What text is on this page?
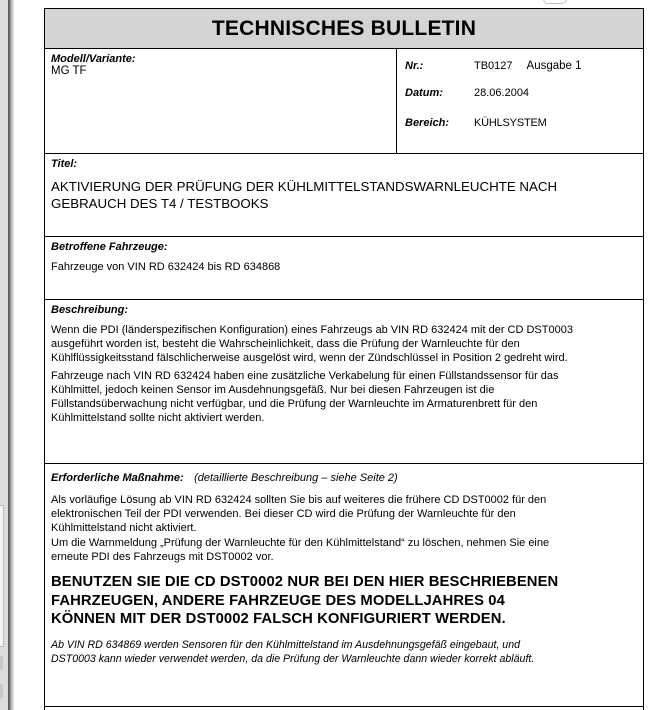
TECHNISCHES BULLETIN
Modell/Variante:
MG TF	Nr.:	TB0127 Ausgabe 1
Datum:	28.06.2004
Bereich:	KÜHLSYSTEM
Titel:
AKTIVIERUNG DER PRÜFUNG DER KÜHLMITTELSTANDSWARNLEUCHTE NACH
GEBRAUCH DES T4 / TESTBOOKS
Betroffene Fahrzeuge:
Fahrzeuge von VIN RD 632424 bis RD 634868
Beschreibung:
Wenn die PDI (länderspezifischen Konfiguration) eines Fahrzeugs ab VIN RD 632424 mit der CD DST0003
ausgeführt worden ist, besteht die Wahrscheinlichkeit, dass die Prüfung der Warnleuchte für den
Kühlflüssigkeitsstand fälschlicherweise ausgelöst wird, wenn der Zündschlüssel in Position 2 gedreht wird.
Fahrzeuge nach VIN RD 632424 haben eine zusätzliche Verkabelung für einen Füllstandssensor für das
Kühlmittel, jedoch keinen Sensor im Ausdehnungsgefäß. Nur bei diesen Fahrzeugen ist die
Füllstandsüberwachung nicht verfügbar, und die Prüfung der Warnleuchte im Armaturenbrett für den
Kühlmittelstand sollte nicht aktiviert werden.
Erforderliche Maßnahme: (detaillierte Beschreibung – siehe Seite 2)
Als vorläufige Lösung ab VIN RD 632424 sollten Sie bis auf weiteres die frühere CD DST0002 für den
elektronischen Teil der PDI verwenden. Bei dieser CD wird die Prüfung der Warnleuchte für den
Kühlmittelstand nicht aktiviert.
Um die Warnmeldung „Prüfung der Warnleuchte für den Kühlmittelstand“ zu löschen, nehmen Sie eine
erneute PDI des Fahrzeugs mit DST0002 vor.
BENUTZEN SIE DIE CD DST0002 NUR BEI DEN HIER BESCHRIEBENEN
FAHRZEUGEN, ANDERE FAHRZEUGE DES MODELLJAHRES 04
KÖNNEN MIT DER DST0002 FALSCH KONFIGURIERT WERDEN.
Ab VIN RD 634869 werden Sensoren für den Kühlmittelstand im Ausdehnungsgefäß eingebaut, und
DST0003 kann wieder verwendet werden, da die Prüfung der Warnleuchte dann wieder korrekt abläuft.
